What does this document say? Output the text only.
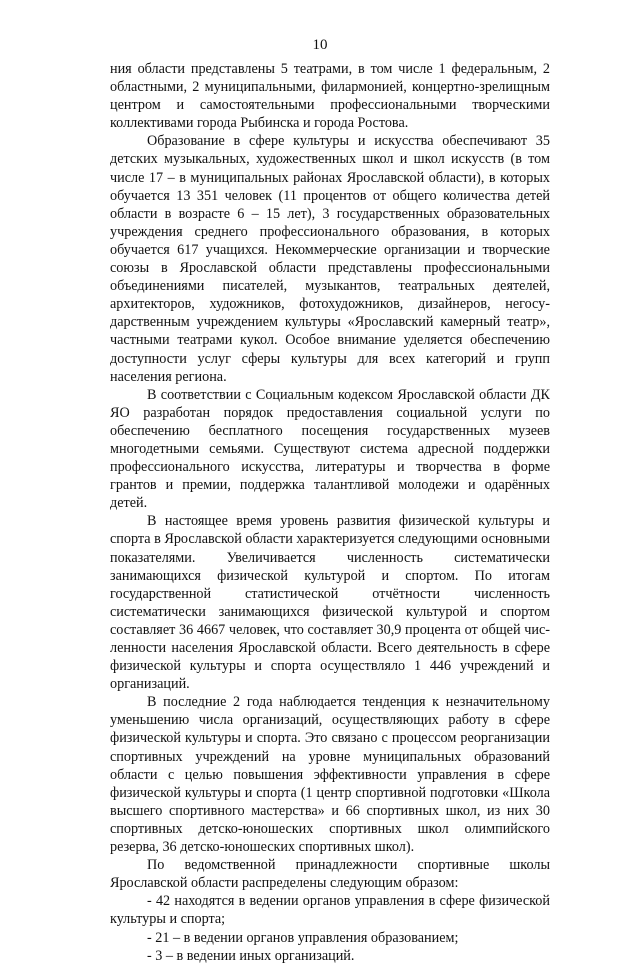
10

ния области представлены 5 театрами, в том числе 1 федеральным, 2 областными, 2 муниципальными, филармонией, концертно-зрелищным центром и самостоятельными профессиональными творческими коллективами города Рыбинска и города Ростова.

Образование в сфере культуры и искусства обеспечивают 35 детских музыкальных, художественных школ и школ искусств (в том числе 17 – в муниципальных районах Ярославской области), в которых обучается 13 351 человек (11 процентов от общего количества детей области в возрасте 6 – 15 лет), 3 государственных образовательных учреждения среднего профессионального образования, в которых обучается 617 учащихся. Некоммерческие организации и творческие союзы в Ярославской области представлены профессиональными объединениями писателей, музыкантов, театральных деятелей, архитекторов, художников, фотохудожников, дизайнеров, негосударственным учреждением культуры «Ярославский камерный театр», частными театрами кукол. Особое внимание уделяется обеспечению доступности услуг сферы культуры для всех категорий и групп населения региона.

В соответствии с Социальным кодексом Ярославской области ДК ЯО разработан порядок предоставления социальной услуги по обеспечению бесплатного посещения государственных музеев многодетными семьями. Существуют система адресной поддержки профессионального искусства, литературы и творчества в форме грантов и премии, поддержка талантливой молодежи и одарённых детей.

В настоящее время уровень развития физической культуры и спорта в Ярославской области характеризуется следующими основными показателями. Увеличивается численность систематически занимающихся физической культурой и спортом. По итогам государственной статистической отчётности численность систематически занимающихся физической культурой и спортом составляет 36 4667 человек, что составляет 30,9 процента от общей численности населения Ярославской области. Всего деятельность в сфере физической культуры и спорта осуществляло 1 446 учреждений и организаций.

В последние 2 года наблюдается тенденция к незначительному уменьшению числа организаций, осуществляющих работу в сфере физической культуры и спорта. Это связано с процессом реорганизации спортивных учреждений на уровне муниципальных образований области с целью повышения эффективности управления в сфере физической культуры и спорта (1 центр спортивной подготовки «Школа высшего спортивного мастерства» и 66 спортивных школ, из них 30 спортивных детско-юношеских спортивных школ олимпийского резерва, 36 детско-юношеских спортивных школ).

По ведомственной принадлежности спортивные школы Ярославской области распределены следующим образом:

- 42 находятся в ведении органов управления в сфере физической культуры и спорта;

- 21 – в ведении органов управления образованием;

- 3 – в ведении иных организаций.
